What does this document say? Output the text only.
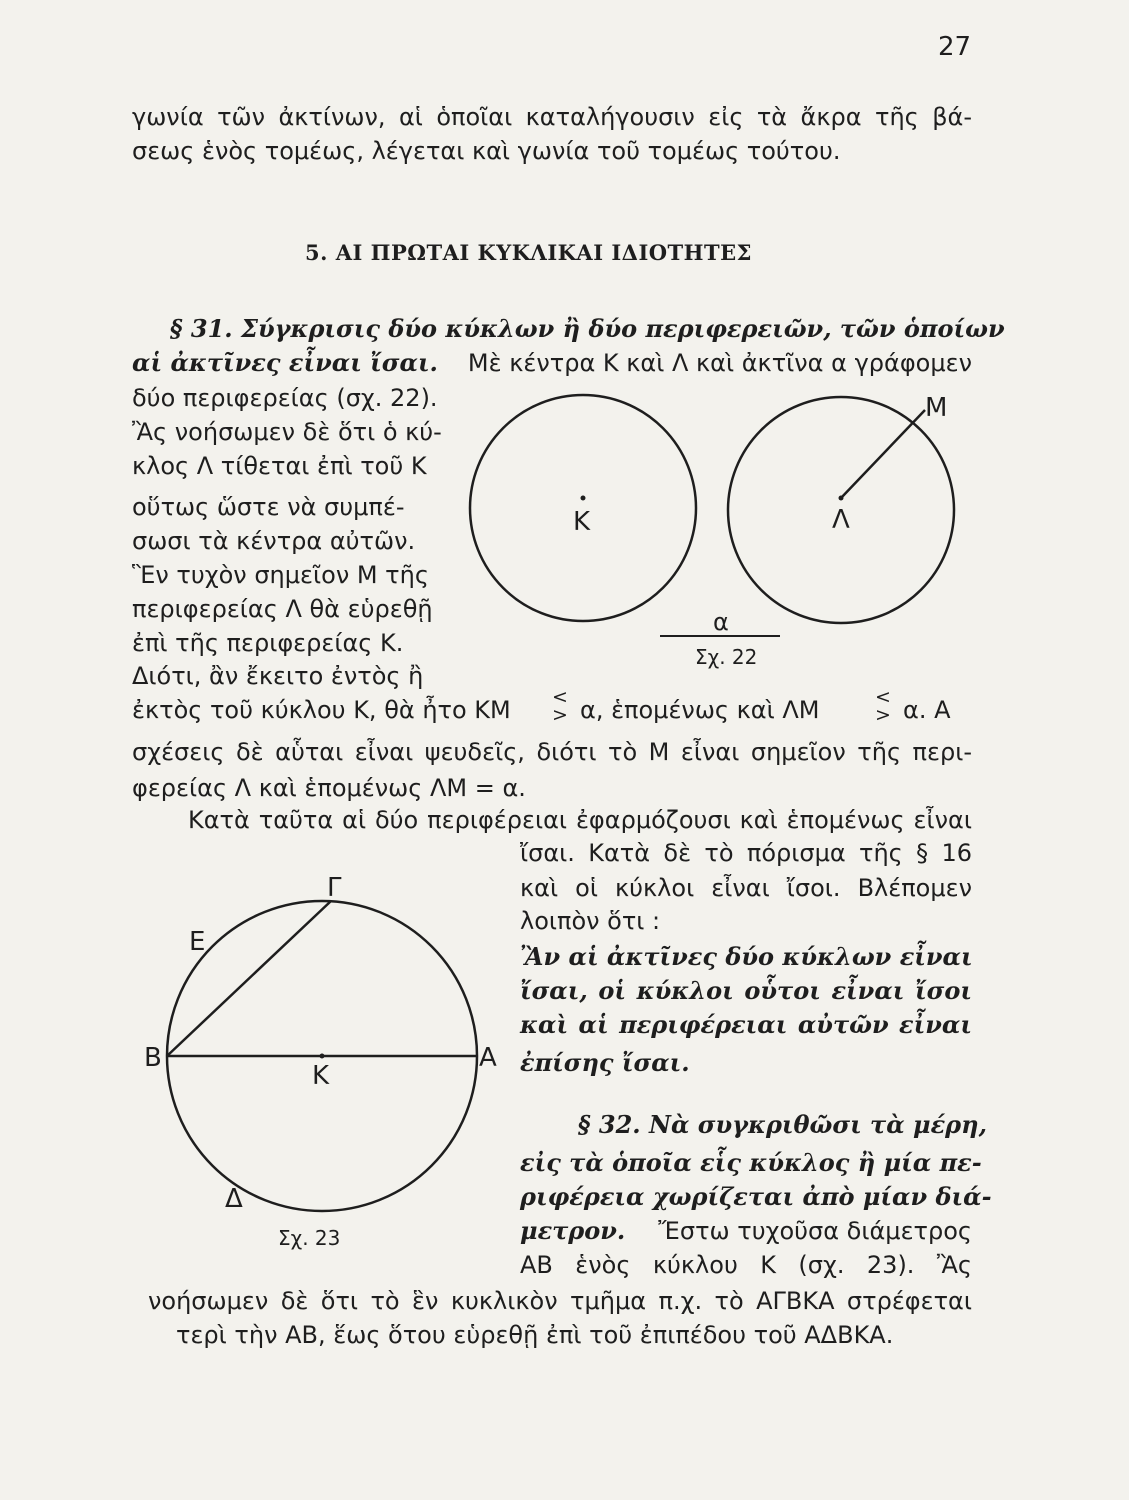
27

γωνία τῶν ἀκτίνων, αἱ ὁποῖαι καταλήγουσιν εἰς τὰ ἄκρα τῆς βά-

σεως ἑνὸς τομέως, λέγεται καὶ γωνία τοῦ τομέως τούτου.

5. ΑΙ ΠΡΩΤΑΙ ΚΥΚΛΙΚΑΙ ΙΔΙΟΤΗΤΕΣ

§ 31. Σύγκρισις δύο κύκλων ἢ δύο περιφερειῶν, τῶν ὁποίων

αἱ ἀκτῖνες εἶναι ἴσαι. Μὲ κέντρα Κ καὶ Λ καὶ ἀκτῖνα α γράφομεν

δύο περιφερείας (σχ. 22).

Ἂς νοήσωμεν δὲ ὅτι ὁ κύ-

κλος Λ τίθεται ἐπὶ τοῦ Κ

οὕτως ὥστε νὰ συμπέ-

σωσι τὰ κέντρα αὐτῶν.

Ἓν τυχὸν σημεῖον Μ τῆς

περιφερείας Λ θὰ εὑρεθῇ

ἐπὶ τῆς περιφερείας Κ.

Διότι, ἂν ἔκειτο ἐντὸς ἢ

ἐκτὸς τοῦ κύκλου Κ, θὰ ἦτο ΚΜ <
> α, ἑπομένως καὶ ΛΜ	<
> α. Α

σχέσεις δὲ αὗται εἶναι ψευδεῖς, διότι τὸ Μ εἶναι σημεῖον τῆς περι-

φερείας Λ καὶ ἑπομένως ΛΜ = α.

Κατὰ ταῦτα αἱ δύο περιφέρειαι ἐφαρμόζουσι καὶ ἑπομένως εἶναι

ἴσαι. Κατὰ δὲ τὸ πόρισμα τῆς § 16

καὶ οἱ κύκλοι εἶναι ἴσοι. Βλέπομεν

λοιπὸν ὅτι :

Ἂν αἱ ἀκτῖνες δύο κύκλων εἶναι

ἴσαι, οἱ κύκλοι οὗτοι εἶναι ἴσοι

καὶ αἱ περιφέρειαι αὐτῶν εἶναι

ἐπίσης ἴσαι.

§ 32. Νὰ συγκριθῶσι τὰ μέρη,

εἰς τὰ ὁποῖα εἷς κύκλος ἢ μία πε-

ριφέρεια χωρίζεται ἀπὸ μίαν διά-

μετρον. Ἔστω τυχοῦσα διάμετρος

ΑΒ ἑνὸς κύκλου Κ (σχ. 23). Ἂς

νοήσωμεν δὲ ὅτι τὸ ἓν κυκλικὸν τμῆμα π.χ. τὸ ΑΓΒΚΑ στρέφεται

τερὶ τὴν ΑΒ, ἕως ὅτου εὑρεθῇ ἐπὶ τοῦ ἐπιπέδου τοῦ ΑΔΒΚΑ.

Κ	Λ
Μ
α
Σχ. 22
Γ
Ε
Β	Α
Κ
Δ
Σχ. 23
